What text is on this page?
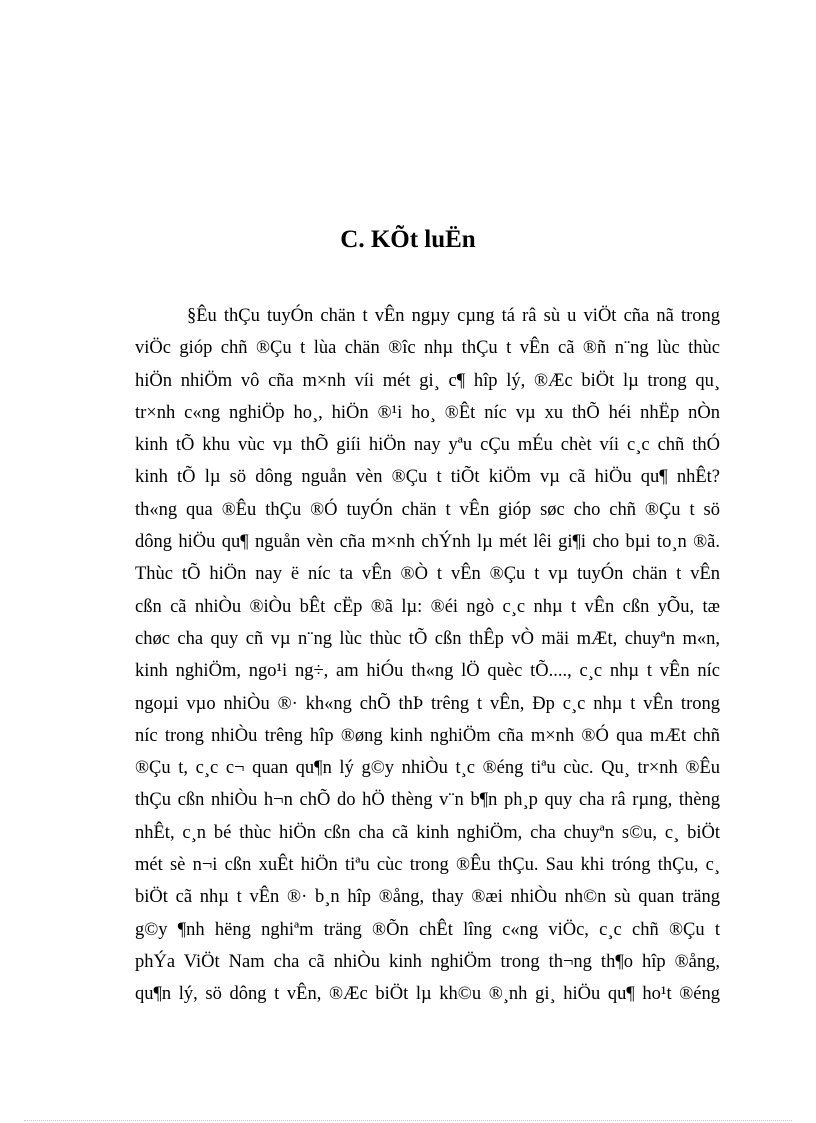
C. KÕt luËn
§Êu thÇu tuyÓn chän t vÊn ngµy cµng tá râ sù u viÖt cña nã trong
viÖc gióp chñ ®Çu t lùa chän ®îc nhµ thÇu t vÊn cã ®ñ n¨ng lùc thùc
hiÖn nhiÖm vô cña m×nh víi mét gi¸ c¶ hîp lý, ®Æc biÖt lµ trong qu¸
tr×nh c«ng nghiÖp ho¸, hiÖn ®¹i ho¸ ®Êt níc vµ xu thÕ héi nhËp nÒn
kinh tÕ khu vùc vµ thÕ giíi hiÖn nay yªu cÇu mÉu chèt víi c¸c chñ thÓ
kinh tÕ lµ sö dông nguån vèn ®Çu t tiÕt kiÖm vµ cã hiÖu qu¶ nhÊt?
th«ng qua ®Êu thÇu ®Ó tuyÓn chän t vÊn gióp søc cho chñ ®Çu t sö
dông hiÖu qu¶ nguån vèn cña m×nh chÝnh lµ mét lêi gi¶i cho bµi to¸n ®ã.
Thùc tÕ hiÖn nay ë níc ta vÊn ®Ò t vÊn ®Çu t vµ tuyÓn chän t vÊn
cßn cã nhiÒu ®iÒu bÊt cËp ®ã lµ: ®éi ngò c¸c nhµ t vÊn cßn yÕu, tæ
chøc cha quy cñ vµ n¨ng lùc thùc tÕ cßn thÊp vÒ mäi mÆt, chuyªn m«n,
kinh nghiÖm, ngo¹i ng÷, am hiÓu th«ng lÖ quèc tÕ...., c¸c nhµ t vÊn níc
ngoµi vµo nhiÒu ®· kh«ng chÕ thÞ trêng t vÊn, Ðp c¸c nhµ t vÊn trong
níc trong nhiÒu trêng hîp ®øng kinh nghiÖm cña m×nh ®Ó qua mÆt chñ
®Çu t, c¸c c¬ quan qu¶n lý g©y nhiÒu t¸c ®éng tiªu cùc. Qu¸ tr×nh ®Êu
thÇu cßn nhiÒu h¬n chÕ do hÖ thèng v¨n b¶n ph¸p quy cha râ rµng, thèng
nhÊt, c¸n bé thùc hiÖn cßn cha cã kinh nghiÖm, cha chuyªn s©u, c¸ biÖt
mét sè n¬i cßn xuÊt hiÖn tiªu cùc trong ®Êu thÇu. Sau khi tróng thÇu, c¸
biÖt cã nhµ t vÊn ®· b¸n hîp ®ång, thay ®æi nhiÒu nh©n sù quan träng
g©y ¶nh hëng nghiªm träng ®Õn chÊt lîng c«ng viÖc, c¸c chñ ®Çu t
phÝa ViÖt Nam cha cã nhiÒu kinh nghiÖm trong th¬ng th¶o hîp ®ång,
qu¶n lý, sö dông t vÊn, ®Æc biÖt lµ kh©u ®¸nh gi¸ hiÖu qu¶ ho¹t ®éng
